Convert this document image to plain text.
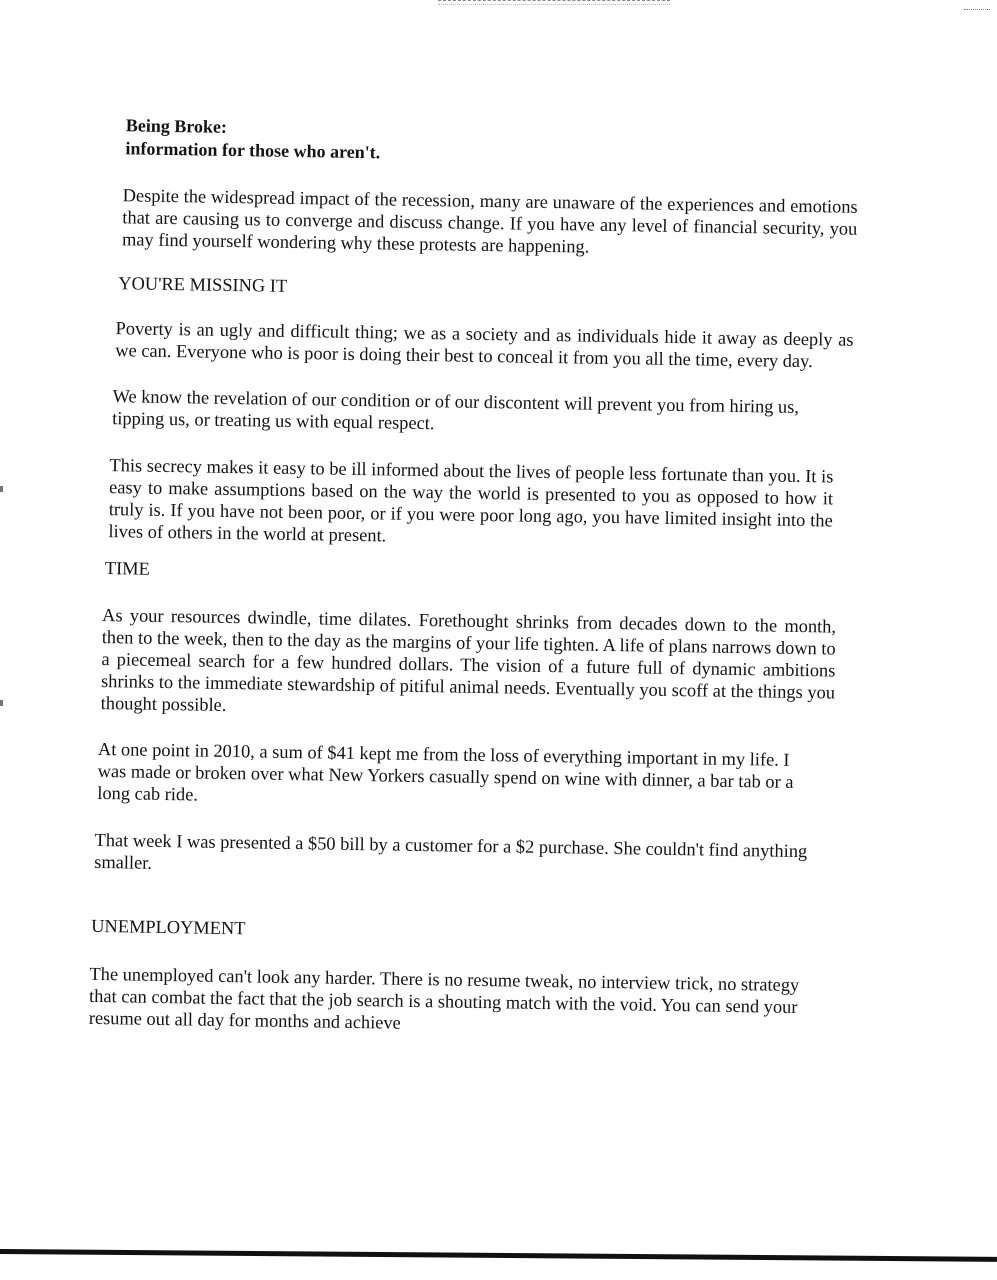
Being Broke:
information for those who aren't.

Despite the widespread impact of the recession, many are unaware of the experiences and emotions that are causing us to converge and discuss change. If you have any level of financial security, you may find yourself wondering why these protests are happening.

YOU'RE MISSING IT

Poverty is an ugly and difficult thing; we as a society and as individuals hide it away as deeply as we can. Everyone who is poor is doing their best to conceal it from you all the time, every day.

We know the revelation of our condition or of our discontent will prevent you from hiring us, tipping us, or treating us with equal respect.

This secrecy makes it easy to be ill informed about the lives of people less fortunate than you. It is easy to make assumptions based on the way the world is presented to you as opposed to how it truly is. If you have not been poor, or if you were poor long ago, you have limited insight into the lives of others in the world at present.

TIME

As your resources dwindle, time dilates. Forethought shrinks from decades down to the month, then to the week, then to the day as the margins of your life tighten. A life of plans narrows down to a piecemeal search for a few hundred dollars. The vision of a future full of dynamic ambitions shrinks to the immediate stewardship of pitiful animal needs. Eventually you scoff at the things you thought possible.

At one point in 2010, a sum of $41 kept me from the loss of everything important in my life. I was made or broken over what New Yorkers casually spend on wine with dinner, a bar tab or a long cab ride.

That week I was presented a $50 bill by a customer for a $2 purchase. She couldn't find anything smaller.

UNEMPLOYMENT

The unemployed can't look any harder. There is no resume tweak, no interview trick, no strategy that can combat the fact that the job search is a shouting match with the void. You can send your resume out all day for months and achieve
